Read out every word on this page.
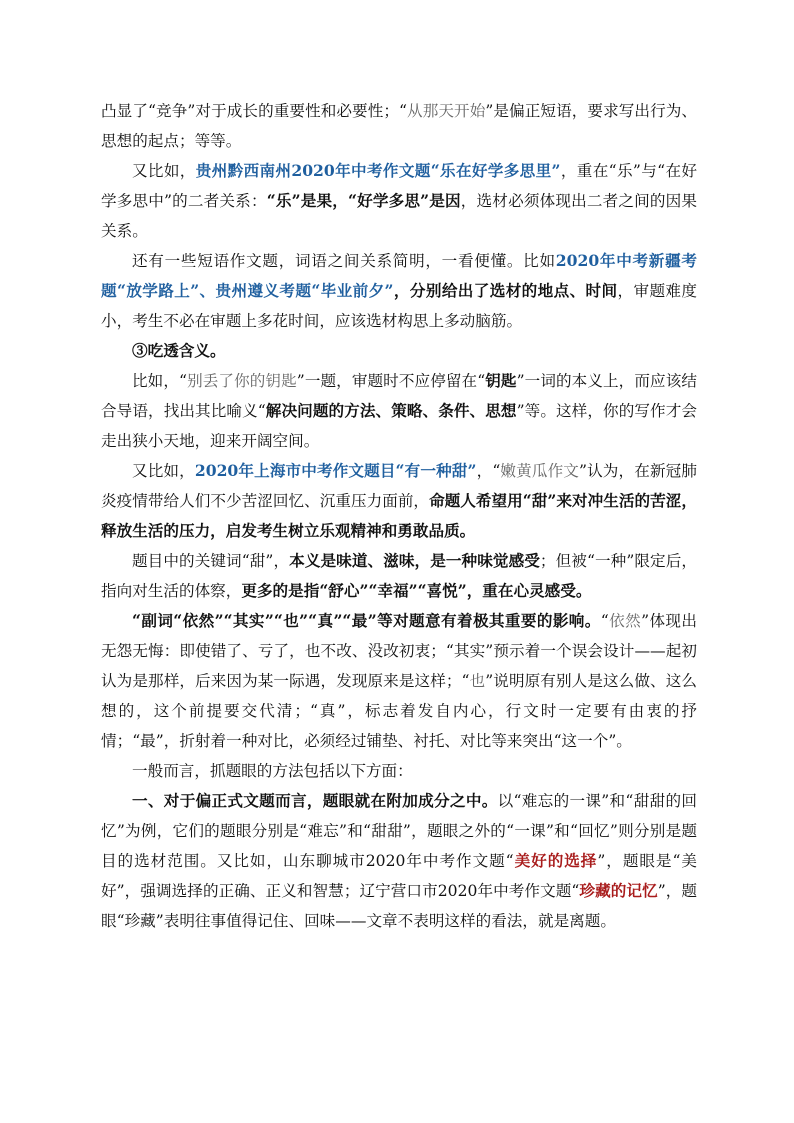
凸显了“竞争”对于成长的重要性和必要性；“从那天开始”是偏正短语，要求写出行为、思想的起点；等等。

又比如，贵州黔西南州2020年中考作文题“乐在好学多思里”，重在“乐”与“在好学多思中”的二者关系：“乐”是果，“好学多思”是因，选材必须体现出二者之间的因果关系。

还有一些短语作文题，词语之间关系简明，一看便懂。比如2020年中考新疆考题“放学路上”、贵州遵义考题“毕业前夕”，分别给出了选材的地点、时间，审题难度小，考生不必在审题上多花时间，应该选材构思上多动脑筋。

③吃透含义。

比如，“别丢了你的钥匙”一题，审题时不应停留在“钥匙”一词的本义上，而应该结合导语，找出其比喻义“解决问题的方法、策略、条件、思想”等。这样，你的写作才会走出狭小天地，迎来开阔空间。

又比如，2020年上海市中考作文题目“有一种甜”，“嫩黄瓜作文”认为，在新冠肺炎疫情带给人们不少苦涩回忆、沉重压力面前，命题人希望用“甜”来对冲生活的苦涩，释放生活的压力，启发考生树立乐观精神和勇敢品质。

题目中的关键词“甜”，本义是味道、滋味，是一种味觉感受；但被“一种”限定后，指向对生活的体察，更多的是指“舒心”“幸福”“喜悦”，重在心灵感受。

“副词“依然”“其实”“也”“真”“最”等对题意有着极其重要的影响。“依然”体现出无怨无悔：即使错了、亏了，也不改、没改初衷；“其实”预示着一个误会设计——起初认为是那样，后来因为某一际遇，发现原来是这样；“也”说明原有别人是这么做、这么想的，这个前提要交代清；“真”，标志着发自内心，行文时一定要有由衷的抒情；“最”，折射着一种对比，必须经过铺垫、衬托、对比等来突出“这一个”。

一般而言，抓题眼的方法包括以下方面：

一、对于偏正式文题而言，题眼就在附加成分之中。以“难忘的一课”和“甜甜的回忆”为例，它们的题眼分别是“难忘”和“甜甜”，题眼之外的“一课”和“回忆”则分别是题目的选材范围。又比如，山东聊城市2020年中考作文题“美好的选择”，题眼是“美好”，强调选择的正确、正义和智慧；辽宁营口市2020年中考作文题“珍藏的记忆”，题眼“珍藏”表明往事值得记住、回味——文章不表明这样的看法，就是离题。
